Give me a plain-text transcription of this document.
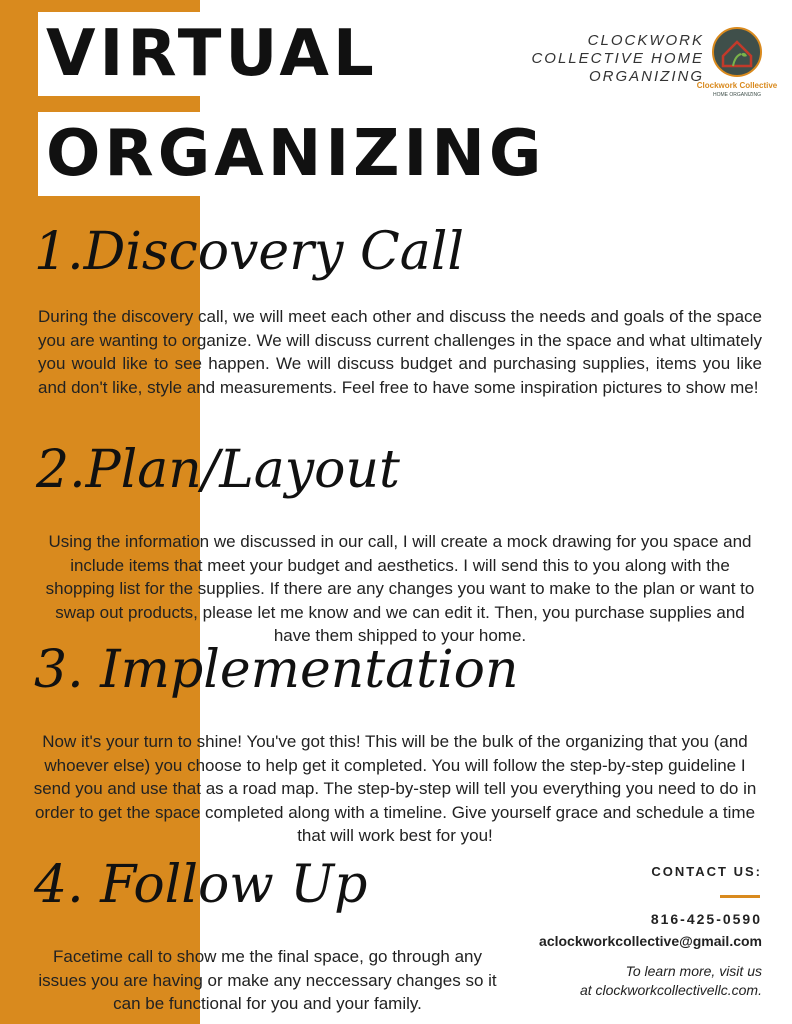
VIRTUAL
ORGANIZING
CLOCKWORK
COLLECTIVE HOME
ORGANIZING
Clockwork Collective
HOME ORGANIZING
1.Discovery Call
During the discovery call, we will meet each other and discuss the needs and goals of the space you are wanting to organize. We will discuss current challenges in the space and what ultimately you would like to see happen. We will discuss budget and purchasing supplies, items you like and don't like, style and measurements. Feel free to have some inspiration pictures to show me!
2.Plan/Layout
Using the information we discussed in our call, I will create a mock drawing for you space and include items that meet your budget and aesthetics. I will send this to you along with the shopping list for the supplies. If there are any changes you want to make to the plan or want to swap out products, please let me know and we can edit it. Then, you purchase supplies and have them shipped to your home.
3. Implementation
Now it's your turn to shine! You've got this! This will be the bulk of the organizing that you (and whoever else) you choose to help get it completed. You will follow the step-by-step guideline I send you and use that as a road map. The step-by-step will tell you everything you need to do in order to get the space completed along with a timeline. Give yourself grace and schedule a time that will work best for you!
4. Follow Up
Facetime call to show me the final space, go through any issues you are having or make any neccessary changes so it can be functional for you and your family.
CONTACT US:
816-425-0590
aclockworkcollective@gmail.com
To learn more, visit us
at clockworkcollectivellc.com.
